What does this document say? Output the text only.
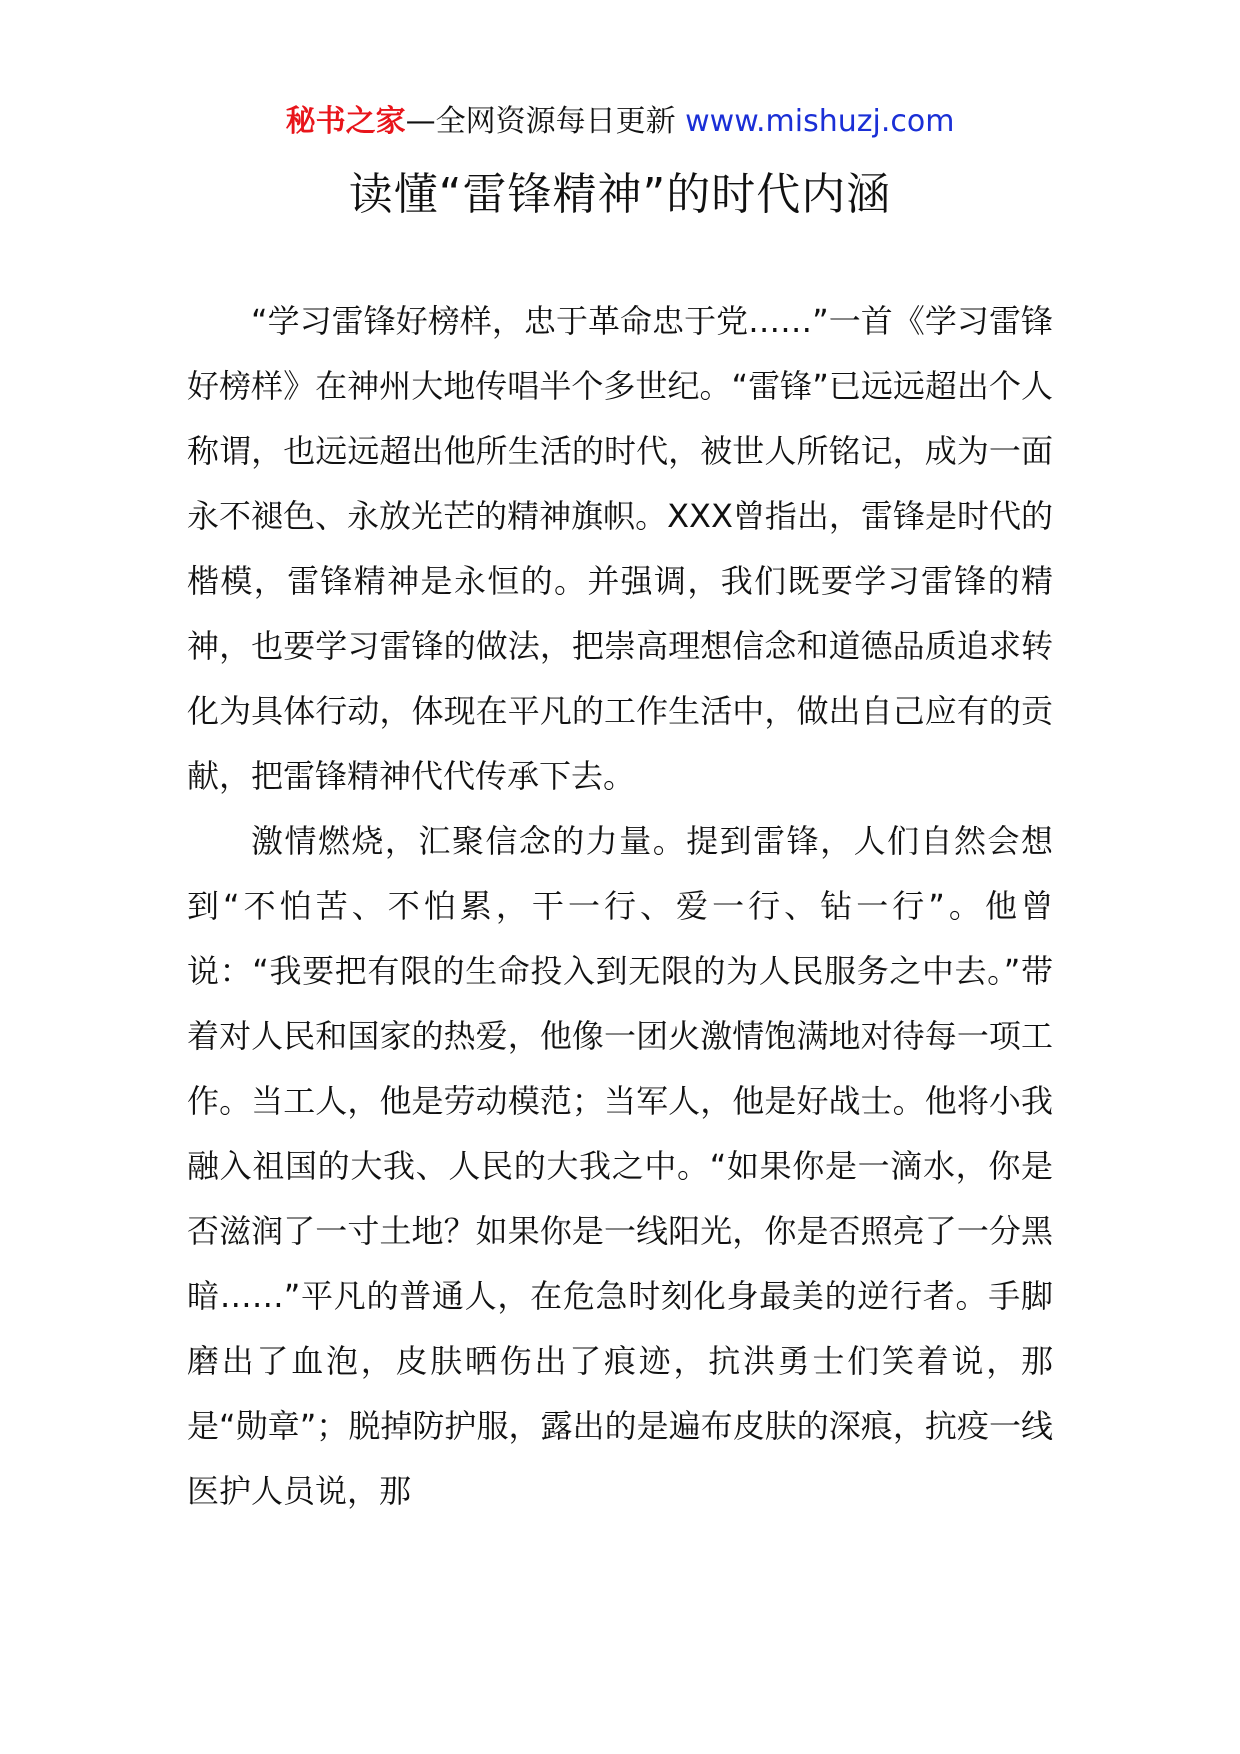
秘书之家—全网资源每日更新 www.mishuzj.com
读懂“雷锋精神”的时代内涵

“学习雷锋好榜样，忠于革命忠于党……”一首《学习雷锋好榜样》在神州大地传唱半个多世纪。“雷锋”已远远超出个人称谓，也远远超出他所生活的时代，被世人所铭记，成为一面永不褪色、永放光芒的精神旗帜。XXX曾指出，雷锋是时代的楷模，雷锋精神是永恒的。并强调，我们既要学习雷锋的精神，也要学习雷锋的做法，把崇高理想信念和道德品质追求转化为具体行动，体现在平凡的工作生活中，做出自己应有的贡献，把雷锋精神代代传承下去。

激情燃烧，汇聚信念的力量。提到雷锋，人们自然会想到“不怕苦、不怕累，干一行、爱一行、钻一行”。他曾说：“我要把有限的生命投入到无限的为人民服务之中去。”带着对人民和国家的热爱，他像一团火激情饱满地对待每一项工作。当工人，他是劳动模范；当军人，他是好战士。他将小我融入祖国的大我、人民的大我之中。“如果你是一滴水，你是否滋润了一寸土地？如果你是一线阳光，你是否照亮了一分黑暗……”平凡的普通人，在危急时刻化身最美的逆行者。手脚磨出了血泡，皮肤晒伤出了痕迹，抗洪勇士们笑着说，那是“勋章”；脱掉防护服，露出的是遍布皮肤的深痕，抗疫一线医护人员说，那
